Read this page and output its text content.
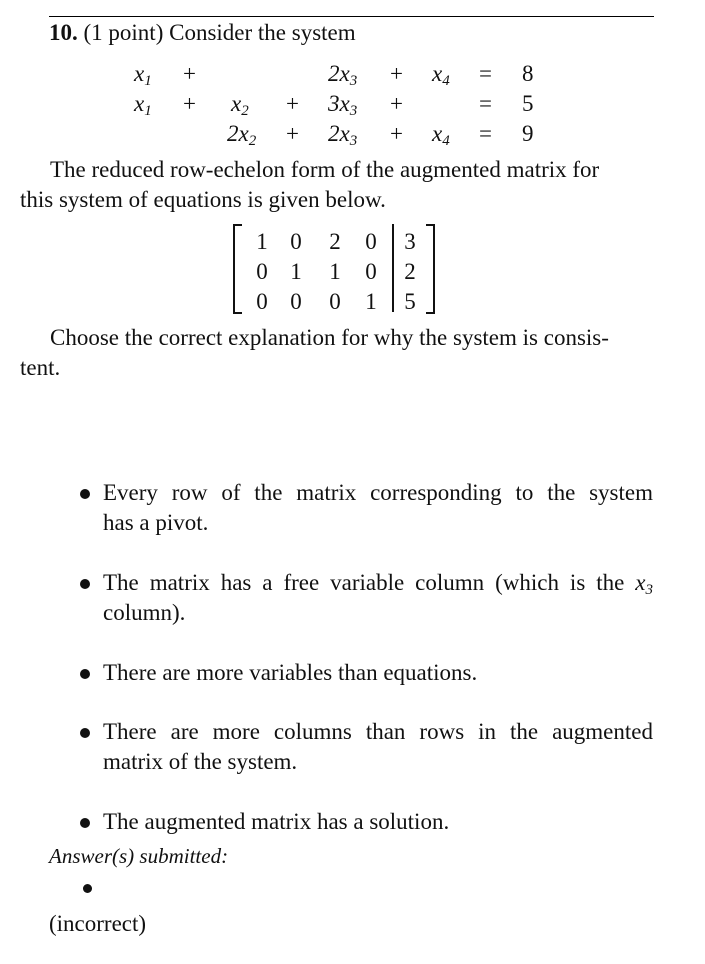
10. (1 point) Consider the system
$x_1$ +	$2x_3 + x_4 = 8$
$x_1 + x_2 + 3x_3$ +	= 5
$2x_2 + 2x_3 + x_4 = 9$
The reduced row-echelon form of the augmented matrix for
this system of equations is given below.
1 0 2 0 3
0 1 1 0 2
0 0 0 1 5
Choose the correct explanation for why the system is consis-
tent.
Every row of the matrix corresponding to the system
has a pivot.
The matrix has a free variable column (which is the $x_3$
column).
There are more variables than equations.
There are more columns than rows in the augmented
matrix of the system.
The augmented matrix has a solution.
Answer(s) submitted:
(incorrect)
